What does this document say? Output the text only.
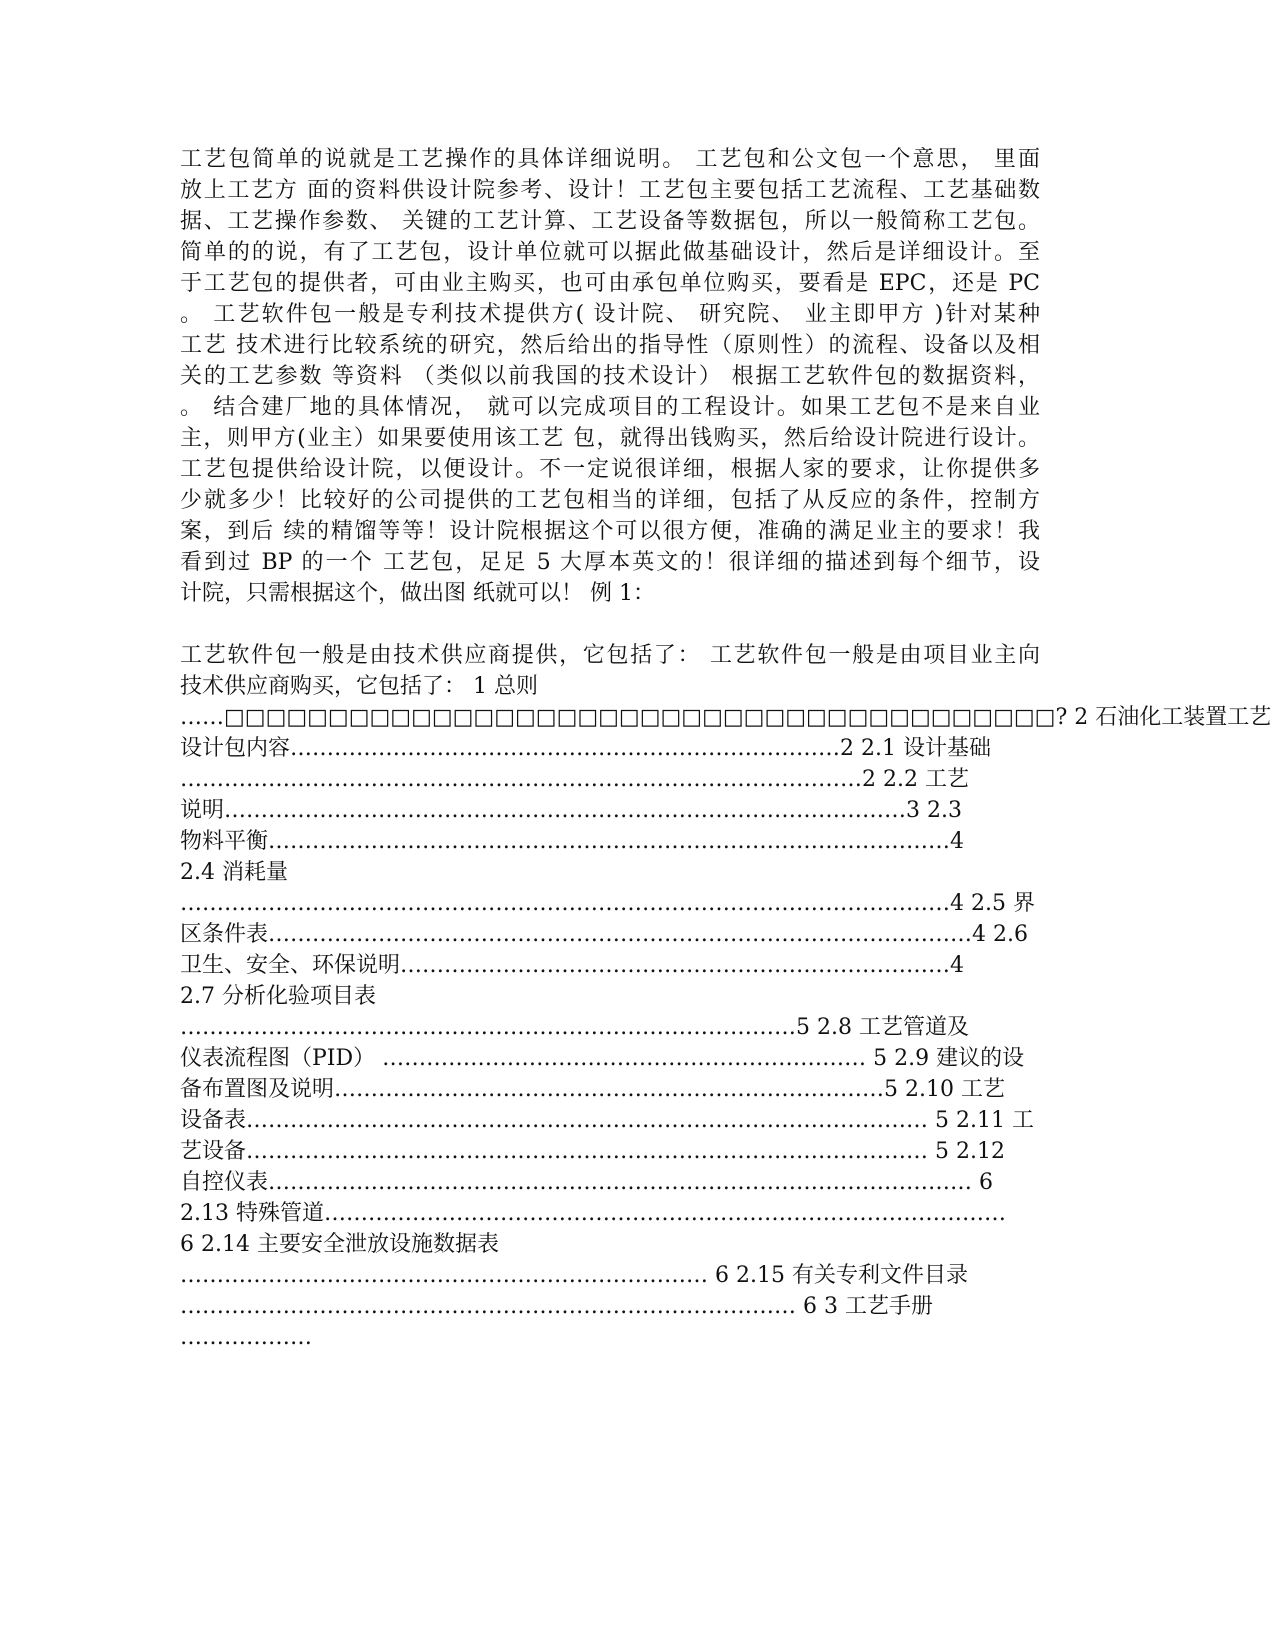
工艺包简单的说就是工艺操作的具体详细说明。 工艺包和公文包一个意思， 里面
放上工艺方 面的资料供设计院参考、设计！工艺包主要包括工艺流程、工艺基础数
据、工艺操作参数、 关键的工艺计算、工艺设备等数据包，所以一般简称工艺包。
简单的的说，有了工艺包，设计单位就可以据此做基础设计，然后是详细设计。至
于工艺包的提供者，可由业主购买，也可由承包单位购买，要看是 EPC，还是 PC
。 工艺软件包一般是专利技术提供方( 设计院、 研究院、 业主即甲方 )针对某种
工艺 技术进行比较系统的研究，然后给出的指导性（原则性）的流程、设备以及相
关的工艺参数 等资料 （类似以前我国的技术设计） 根据工艺软件包的数据资料，
。 结合建厂地的具体情况， 就可以完成项目的工程设计。如果工艺包不是来自业
主，则甲方(业主）如果要使用该工艺 包，就得出钱购买，然后给设计院进行设计。
工艺包提供给设计院，以便设计。不一定说很详细，根据人家的要求，让你提供多
少就多少！比较好的公司提供的工艺包相当的详细，包括了从反应的条件，控制方
案，到后 续的精馏等等！设计院根据这个可以很方便，准确的满足业主的要求！我
看到过 BP 的一个 工艺包，足足 5 大厚本英文的！很详细的描述到每个细节，设
计院，只需根据这个，做出图 纸就可以！ 例 1：
工艺软件包一般是由技术供应商提供，它包括了： 工艺软件包一般是由项目业主向
技术供应商购买，它包括了： 1 总则
……□□□□□□□□□□□□□□□□□□□□□□□□□□□□□□□□□□□□□□□□? 2 石油化工装置工艺
设计包内容…………………………………………………………………2 2.1 设计基础
…………………………………………………………………………………2 2.2 工艺
说明…………………………………………………………………………………3 2.3
物料平衡…………………………………………………………………………………4
2.4 消耗量
……………………………………………………………………………………………4 2.5 界
区条件表……………………………………………………………………………………4 2.6
卫生、安全、环保说明…………………………………………………………………4
2.7 分析化验项目表
…………………………………………………………………………5 2.8 工艺管道及
仪表流程图（PID） ………………………………………………………… 5 2.9 建议的设
备布置图及说明…………………………………………………………………5 2.10 工艺
设备表………………………………………………………………………………… 5 2.11 工
艺设备………………………………………………………………………………… 5 2.12
自控仪表…………………………………………………………………………………… 6
2.13 特殊管道…………………………………………………………………………………
6 2.14 主要安全泄放设施数据表
……………………………………………………………… 6 2.15 有关专利文件目录
………………………………………………………………………… 6 3 工艺手册
………………
